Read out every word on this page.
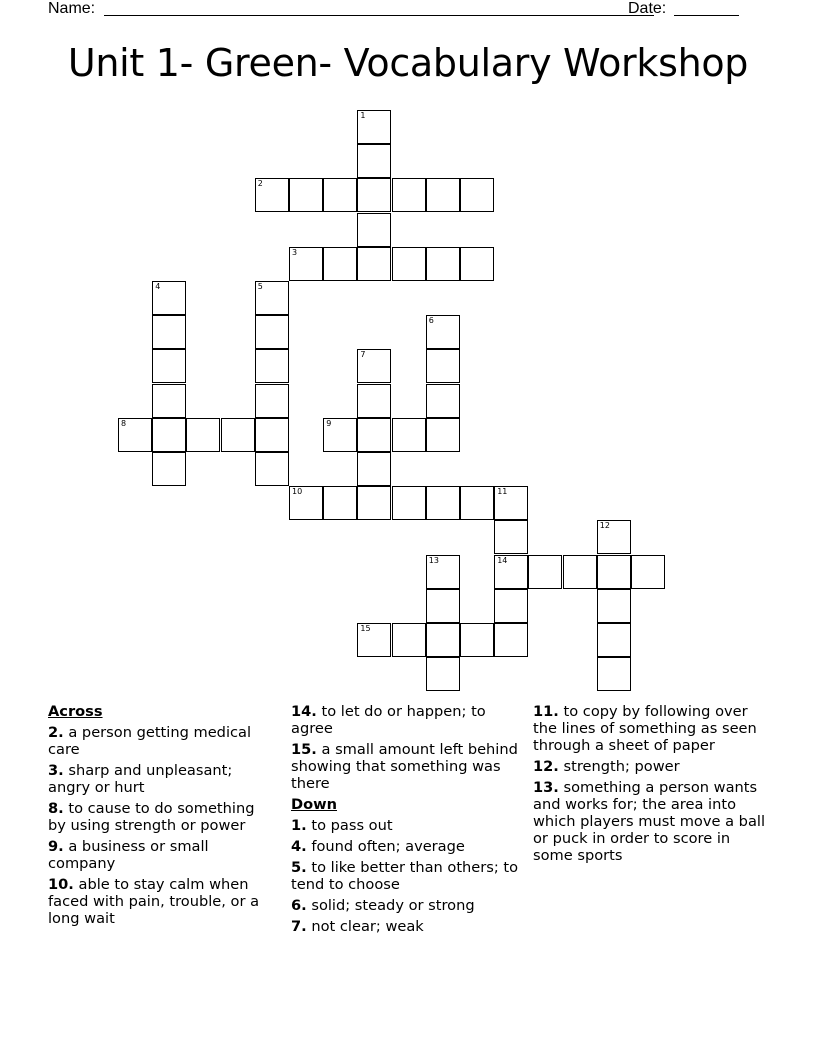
Name:	Date:
Unit 1- Green- Vocabulary Workshop
1
2
3
4	5
6
7
8	9
10	11
12
13	14
15
Across
2. a person getting medical care
3. sharp and unpleasant; angry or hurt
8. to cause to do something by using strength or power
9. a business or small company
10. able to stay calm when faced with pain, trouble, or a long wait
14. to let do or happen; to agree
15. a small amount left behind showing that something was there
Down
1. to pass out
4. found often; average
5. to like better than others; to tend to choose
6. solid; steady or strong
7. not clear; weak
11. to copy by following over the lines of something as seen through a sheet of paper
12. strength; power
13. something a person wants and works for; the area into which players must move a ball or puck in order to score in some sports
